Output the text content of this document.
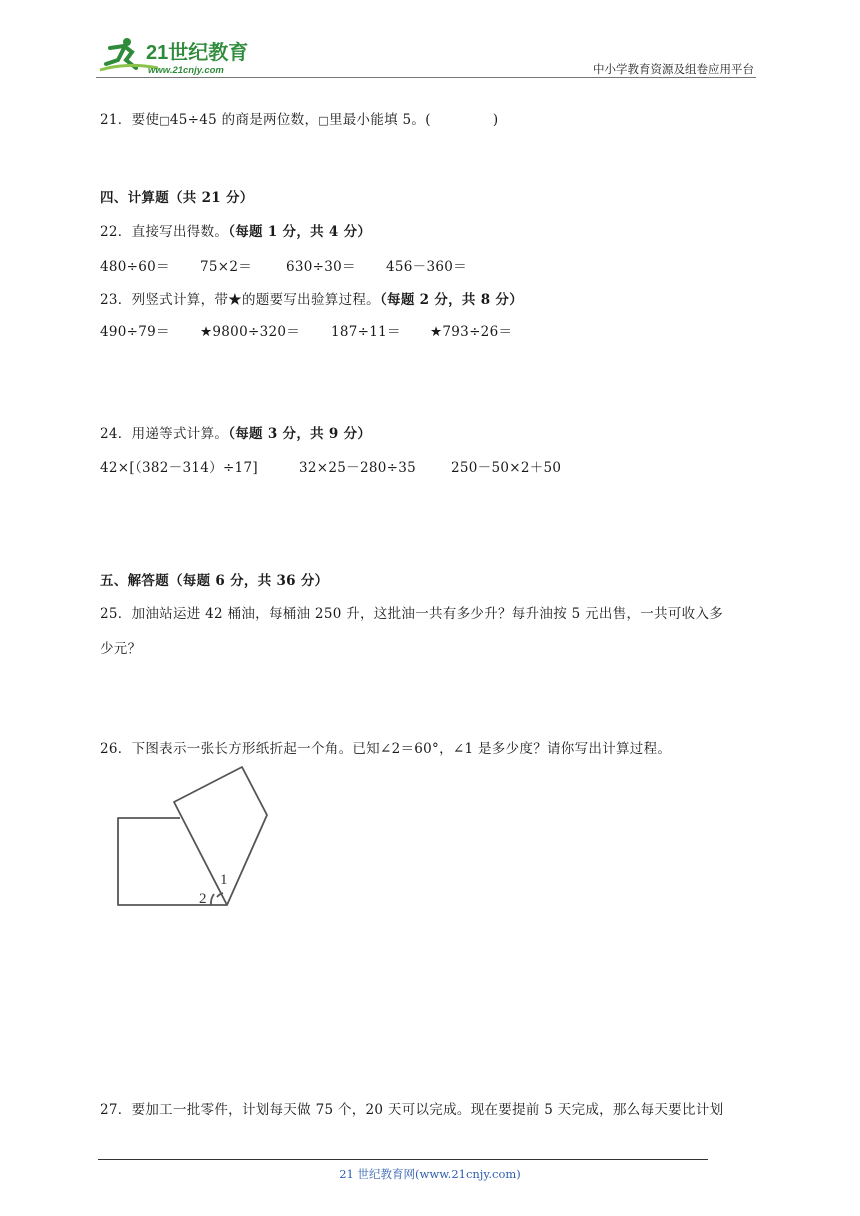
21世纪教育
www.21cnjy.com	中小学教育资源及组卷应用平台
21．要使□45÷45 的商是两位数，□里最小能填 5。(	)
四、计算题（共 21 分）
22．直接写出得数。（每题 1 分，共 4 分）
480÷60＝ 75×2＝	630÷30＝ 456－360＝
23．列竖式计算，带★的题要写出验算过程。（每题 2 分，共 8 分）
490÷79＝ ★9800÷320＝ 187÷11＝ ★793÷26＝
24．用递等式计算。（每题 3 分，共 9 分）
42×[（382－314）÷17]	32×25－280÷35	250－50×2＋50
五、解答题（每题 6 分，共 36 分）
25．加油站运进 42 桶油，每桶油 250 升，这批油一共有多少升？每升油按 5 元出售，一共可收入多
少元？
26．下图表示一张长方形纸折起一个角。已知∠2＝60°，∠1 是多少度？请你写出计算过程。
1
2
27．要加工一批零件，计划每天做 75 个，20 天可以完成。现在要提前 5 天完成，那么每天要比计划
21 世纪教育网(www.21cnjy.com)
